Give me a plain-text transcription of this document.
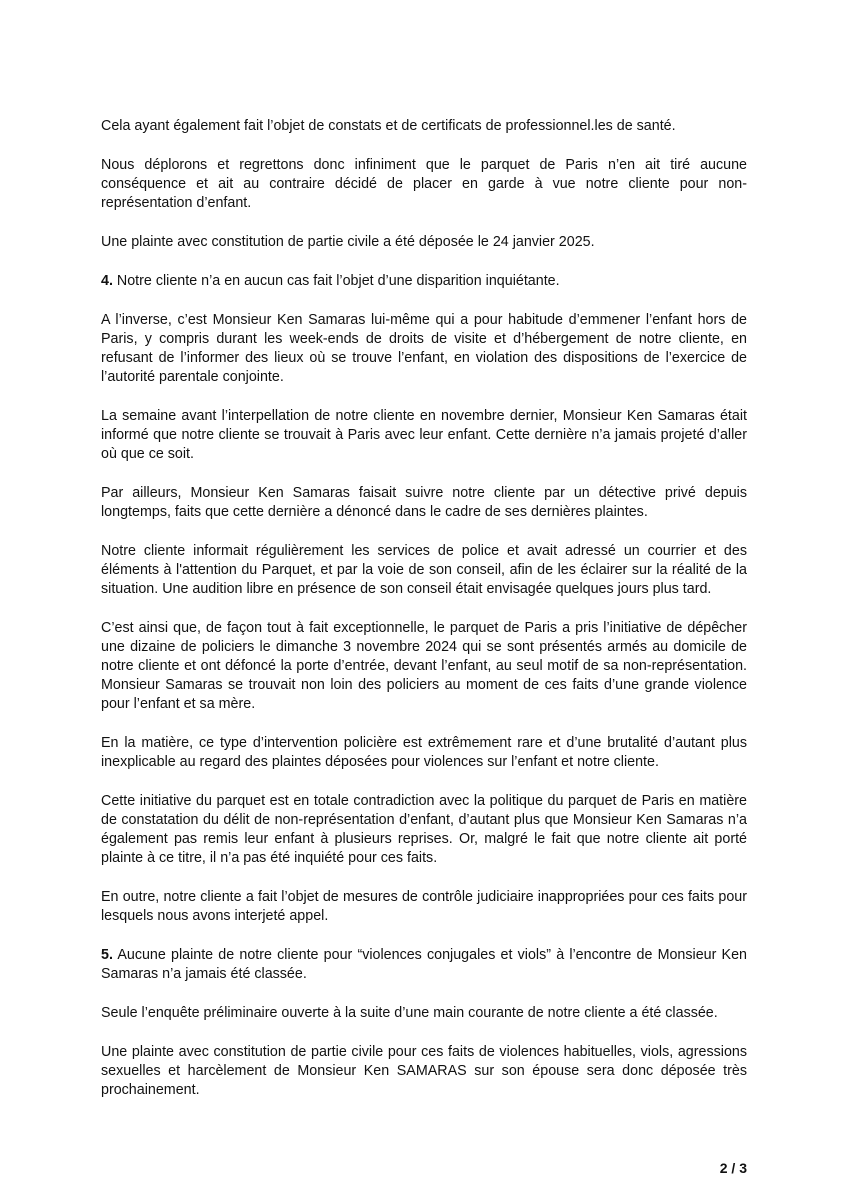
Cela ayant également fait l’objet de constats et de certificats de professionnel.les de santé.

Nous déplorons et regrettons donc infiniment que le parquet de Paris n’en ait tiré aucune conséquence et ait au contraire décidé de placer en garde à vue notre cliente pour non-représentation d’enfant.

Une plainte avec constitution de partie civile a été déposée le 24 janvier 2025.

4. Notre cliente n’a en aucun cas fait l’objet d’une disparition inquiétante.

A l’inverse, c’est Monsieur Ken Samaras lui-même qui a pour habitude d’emmener l’enfant hors de Paris, y compris durant les week-ends de droits de visite et d’hébergement de notre cliente, en refusant de l’informer des lieux où se trouve l’enfant, en violation des dispositions de l’exercice de l’autorité parentale conjointe.

La semaine avant l’interpellation de notre cliente en novembre dernier, Monsieur Ken Samaras était informé que notre cliente se trouvait à Paris avec leur enfant. Cette dernière n’a jamais projeté d’aller où que ce soit.

Par ailleurs, Monsieur Ken Samaras faisait suivre notre cliente par un détective privé depuis longtemps, faits que cette dernière a dénoncé dans le cadre de ses dernières plaintes.

Notre cliente informait régulièrement les services de police et avait adressé un courrier et des éléments à l'attention du Parquet, et par la voie de son conseil, afin de les éclairer sur la réalité de la situation. Une audition libre en présence de son conseil était envisagée quelques jours plus tard.

C’est ainsi que, de façon tout à fait exceptionnelle, le parquet de Paris a pris l’initiative de dépêcher une dizaine de policiers le dimanche 3 novembre 2024 qui se sont présentés armés au domicile de notre cliente et ont défoncé la porte d’entrée, devant l’enfant, au seul motif de sa non-représentation. Monsieur Samaras se trouvait non loin des policiers au moment de ces faits d’une grande violence pour l’enfant et sa mère.

En la matière, ce type d’intervention policière est extrêmement rare et d’une brutalité d’autant plus inexplicable au regard des plaintes déposées pour violences sur l’enfant et notre cliente.

Cette initiative du parquet est en totale contradiction avec la politique du parquet de Paris en matière de constatation du délit de non-représentation d’enfant, d’autant plus que Monsieur Ken Samaras n’a également pas remis leur enfant à plusieurs reprises. Or, malgré le fait que notre cliente ait porté plainte à ce titre, il n’a pas été inquiété pour ces faits.

En outre, notre cliente a fait l’objet de mesures de contrôle judiciaire inappropriées pour ces faits pour lesquels nous avons interjeté appel.

5. Aucune plainte de notre cliente pour “violences conjugales et viols” à l’encontre de Monsieur Ken Samaras n’a jamais été classée.

Seule l’enquête préliminaire ouverte à la suite d’une main courante de notre cliente a été classée.

Une plainte avec constitution de partie civile pour ces faits de violences habituelles, viols, agressions sexuelles et harcèlement de Monsieur Ken SAMARAS sur son épouse sera donc déposée très prochainement.

2 / 3
